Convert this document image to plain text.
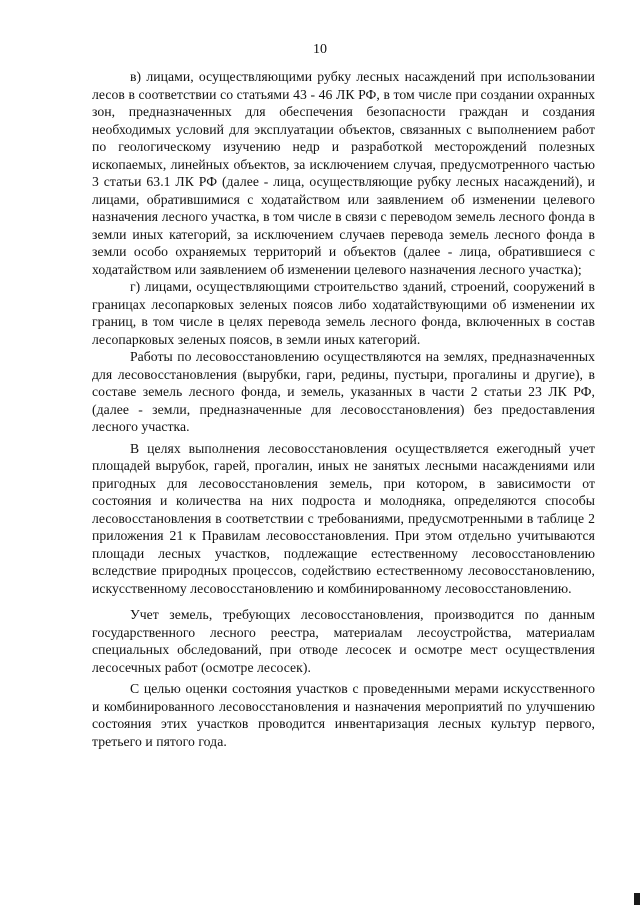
10

в) лицами, осуществляющими рубку лесных насаждений при использовании лесов в соответствии со статьями 43 - 46 ЛК РФ, в том числе при создании охранных зон, предназначенных для обеспечения безопасности граждан и создания необходимых условий для эксплуатации объектов, связанных с выполнением работ по геологическому изучению недр и разработкой месторождений полезных ископаемых, линейных объектов, за исключением случая, предусмотренного частью 3 статьи 63.1 ЛК РФ (далее - лица, осуществляющие рубку лесных насаждений), и лицами, обратившимися с ходатайством или заявлением об изменении целевого назначения лесного участка, в том числе в связи с переводом земель лесного фонда в земли иных категорий, за исключением случаев перевода земель лесного фонда в земли особо охраняемых территорий и объектов (далее - лица, обратившиеся с ходатайством или заявлением об изменении целевого назначения лесного участка);

г) лицами, осуществляющими строительство зданий, строений, сооружений в границах лесопарковых зеленых поясов либо ходатайствующими об изменении их границ, в том числе в целях перевода земель лесного фонда, включенных в состав лесопарковых зеленых поясов, в земли иных категорий.

Работы по лесовосстановлению осуществляются на землях, предназначенных для лесовосстановления (вырубки, гари, редины, пустыри, прогалины и другие), в составе земель лесного фонда, и земель, указанных в части 2 статьи 23 ЛК РФ, (далее - земли, предназначенные для лесовосстановления) без предоставления лесного участка.

В целях выполнения лесовосстановления осуществляется ежегодный учет площадей вырубок, гарей, прогалин, иных не занятых лесными насаждениями или пригодных для лесовосстановления земель, при котором, в зависимости от состояния и количества на них подроста и молодняка, определяются способы лесовосстановления в соответствии с требованиями, предусмотренными в таблице 2 приложения 21 к Правилам лесовосстановления. При этом отдельно учитываются площади лесных участков, подлежащие естественному лесовосстановлению вследствие природных процессов, содействию естественному лесовосстановлению, искусственному лесовосстановлению и комбинированному лесовосстановлению.

Учет земель, требующих лесовосстановления, производится по данным государственного лесного реестра, материалам лесоустройства, материалам специальных обследований, при отводе лесосек и осмотре мест осуществления лесосечных работ (осмотре лесосек).

С целью оценки состояния участков с проведенными мерами искусственного и комбинированного лесовосстановления и назначения мероприятий по улучшению состояния этих участков проводится инвентаризация лесных культур первого, третьего и пятого года.
